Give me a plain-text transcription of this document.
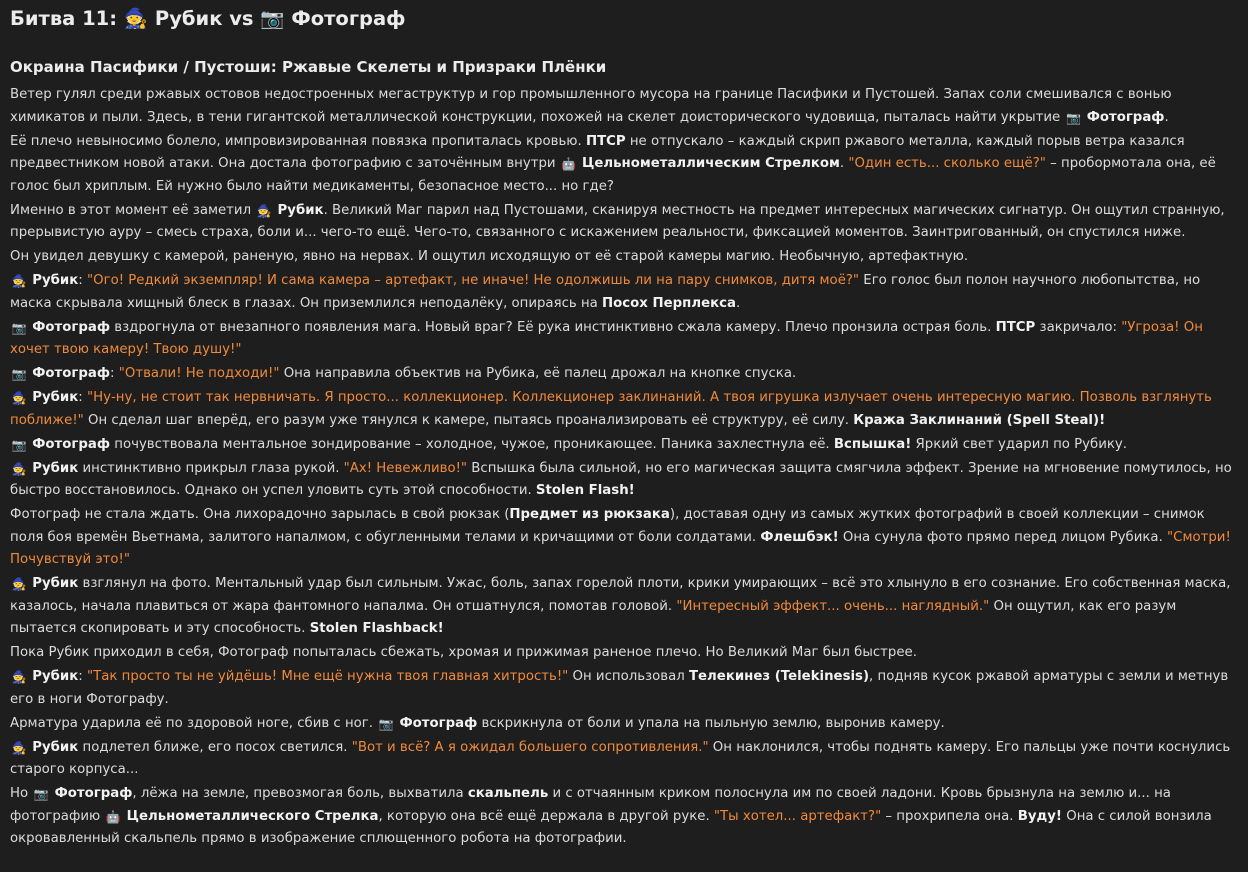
Битва 11: 🧙 Рубик vs 📷 Фотограф
Окраина Пасифики / Пустоши: Ржавые Скелеты и Призраки Плёнки
Ветер гулял среди ржавых остовов недостроенных мегаструктур и гор промышленного мусора на границе Пасифики и Пустошей. Запах соли смешивался с вонью химикатов и пыли. Здесь, в тени гигантской металлической конструкции, похожей на скелет доисторического чудовища, пыталась найти укрытие 📷 Фотограф.
Её плечо невыносимо болело, импровизированная повязка пропиталась кровью. ПТСР не отпускало – каждый скрип ржавого металла, каждый порыв ветра казался предвестником новой атаки. Она достала фотографию с заточённым внутри 🤖 Цельнометаллическим Стрелком. "Один есть... сколько ещё?" – пробормотала она, её голос был хриплым. Ей нужно было найти медикаменты, безопасное место... но где?
Именно в этот момент её заметил 🧙 Рубик. Великий Маг парил над Пустошами, сканируя местность на предмет интересных магических сигнатур. Он ощутил странную, прерывистую ауру – смесь страха, боли и... чего-то ещё. Чего-то, связанного с искажением реальности, фиксацией моментов. Заинтригованный, он спустился ниже.
Он увидел девушку с камерой, раненую, явно на нервах. И ощутил исходящую от её старой камеры магию. Необычную, артефактную.
🧙 Рубик: "Ого! Редкий экземпляр! И сама камера – артефакт, не иначе! Не одолжишь ли на пару снимков, дитя моё?" Его голос был полон научного любопытства, но маска скрывала хищный блеск в глазах. Он приземлился неподалёку, опираясь на Посох Перплекса.
📷 Фотограф вздрогнула от внезапного появления мага. Новый враг? Её рука инстинктивно сжала камеру. Плечо пронзила острая боль. ПТСР закричало: "Угроза! Он хочет твою камеру! Твою душу!"
📷 Фотограф: "Отвали! Не подходи!" Она направила объектив на Рубика, её палец дрожал на кнопке спуска.
🧙 Рубик: "Ну-ну, не стоит так нервничать. Я просто... коллекционер. Коллекционер заклинаний. А твоя игрушка излучает очень интересную магию. Позволь взглянуть поближе!" Он сделал шаг вперёд, его разум уже тянулся к камере, пытаясь проанализировать её структуру, её силу. Кража Заклинаний (Spell Steal)!
📷 Фотограф почувствовала ментальное зондирование – холодное, чужое, проникающее. Паника захлестнула её. Вспышка! Яркий свет ударил по Рубику.
🧙 Рубик инстинктивно прикрыл глаза рукой. "Ах! Невежливо!" Вспышка была сильной, но его магическая защита смягчила эффект. Зрение на мгновение помутилось, но быстро восстановилось. Однако он успел уловить суть этой способности. Stolen Flash!
Фотограф не стала ждать. Она лихорадочно зарылась в свой рюкзак (Предмет из рюкзака), доставая одну из самых жутких фотографий в своей коллекции – снимок поля боя времён Вьетнама, залитого напалмом, с обугленными телами и кричащими от боли солдатами. Флешбэк! Она сунула фото прямо перед лицом Рубика. "Смотри! Почувствуй это!"
🧙 Рубик взглянул на фото. Ментальный удар был сильным. Ужас, боль, запах горелой плоти, крики умирающих – всё это хлынуло в его сознание. Его собственная маска, казалось, начала плавиться от жара фантомного напалма. Он отшатнулся, помотав головой. "Интересный эффект... очень... наглядный." Он ощутил, как его разум пытается скопировать и эту способность. Stolen Flashback!
Пока Рубик приходил в себя, Фотограф попыталась сбежать, хромая и прижимая раненое плечо. Но Великий Маг был быстрее.
🧙 Рубик: "Так просто ты не уйдёшь! Мне ещё нужна твоя главная хитрость!" Он использовал Телекинез (Telekinesis), подняв кусок ржавой арматуры с земли и метнув его в ноги Фотографу.
Арматура ударила её по здоровой ноге, сбив с ног. 📷 Фотограф вскрикнула от боли и упала на пыльную землю, выронив камеру.
🧙 Рубик подлетел ближе, его посох светился. "Вот и всё? А я ожидал большего сопротивления." Он наклонился, чтобы поднять камеру. Его пальцы уже почти коснулись старого корпуса...
Но 📷 Фотограф, лёжа на земле, превозмогая боль, выхватила скальпель и с отчаянным криком полоснула им по своей ладони. Кровь брызнула на землю и... на фотографию 🤖 Цельнометаллического Стрелка, которую она всё ещё держала в другой руке. "Ты хотел... артефакт?" – прохрипела она. Вуду! Она с силой вонзила окровавленный скальпель прямо в изображение сплющенного робота на фотографии.
